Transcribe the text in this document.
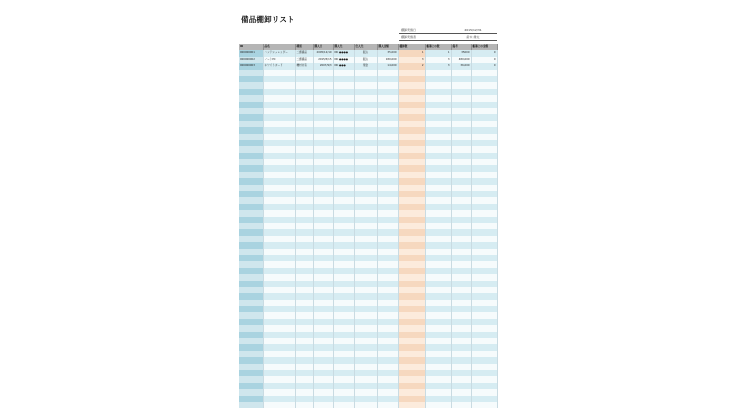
備品棚卸リスト
棚卸実施日	2015/12/31
棚卸実施者	鈴木 健太
ID	品名	種別	購入日	購入先	仕入先	購入金額	棚卸数	帳簿上の数	備考	帳簿上の金額
000000001	ハンドシュレッダー	二課備品	2005/12/10	NK ●●●●	振込	35,000	1	1	35000	0
000000002	ノートPC	二課備品	2015/5/15	NK ●●●●	振込	180,000	3	3	480,000	0
000000003	ホワイトボード	機材共有	2007/9/3	NK ●●●	現金	14,000	2	3	36,000	0
